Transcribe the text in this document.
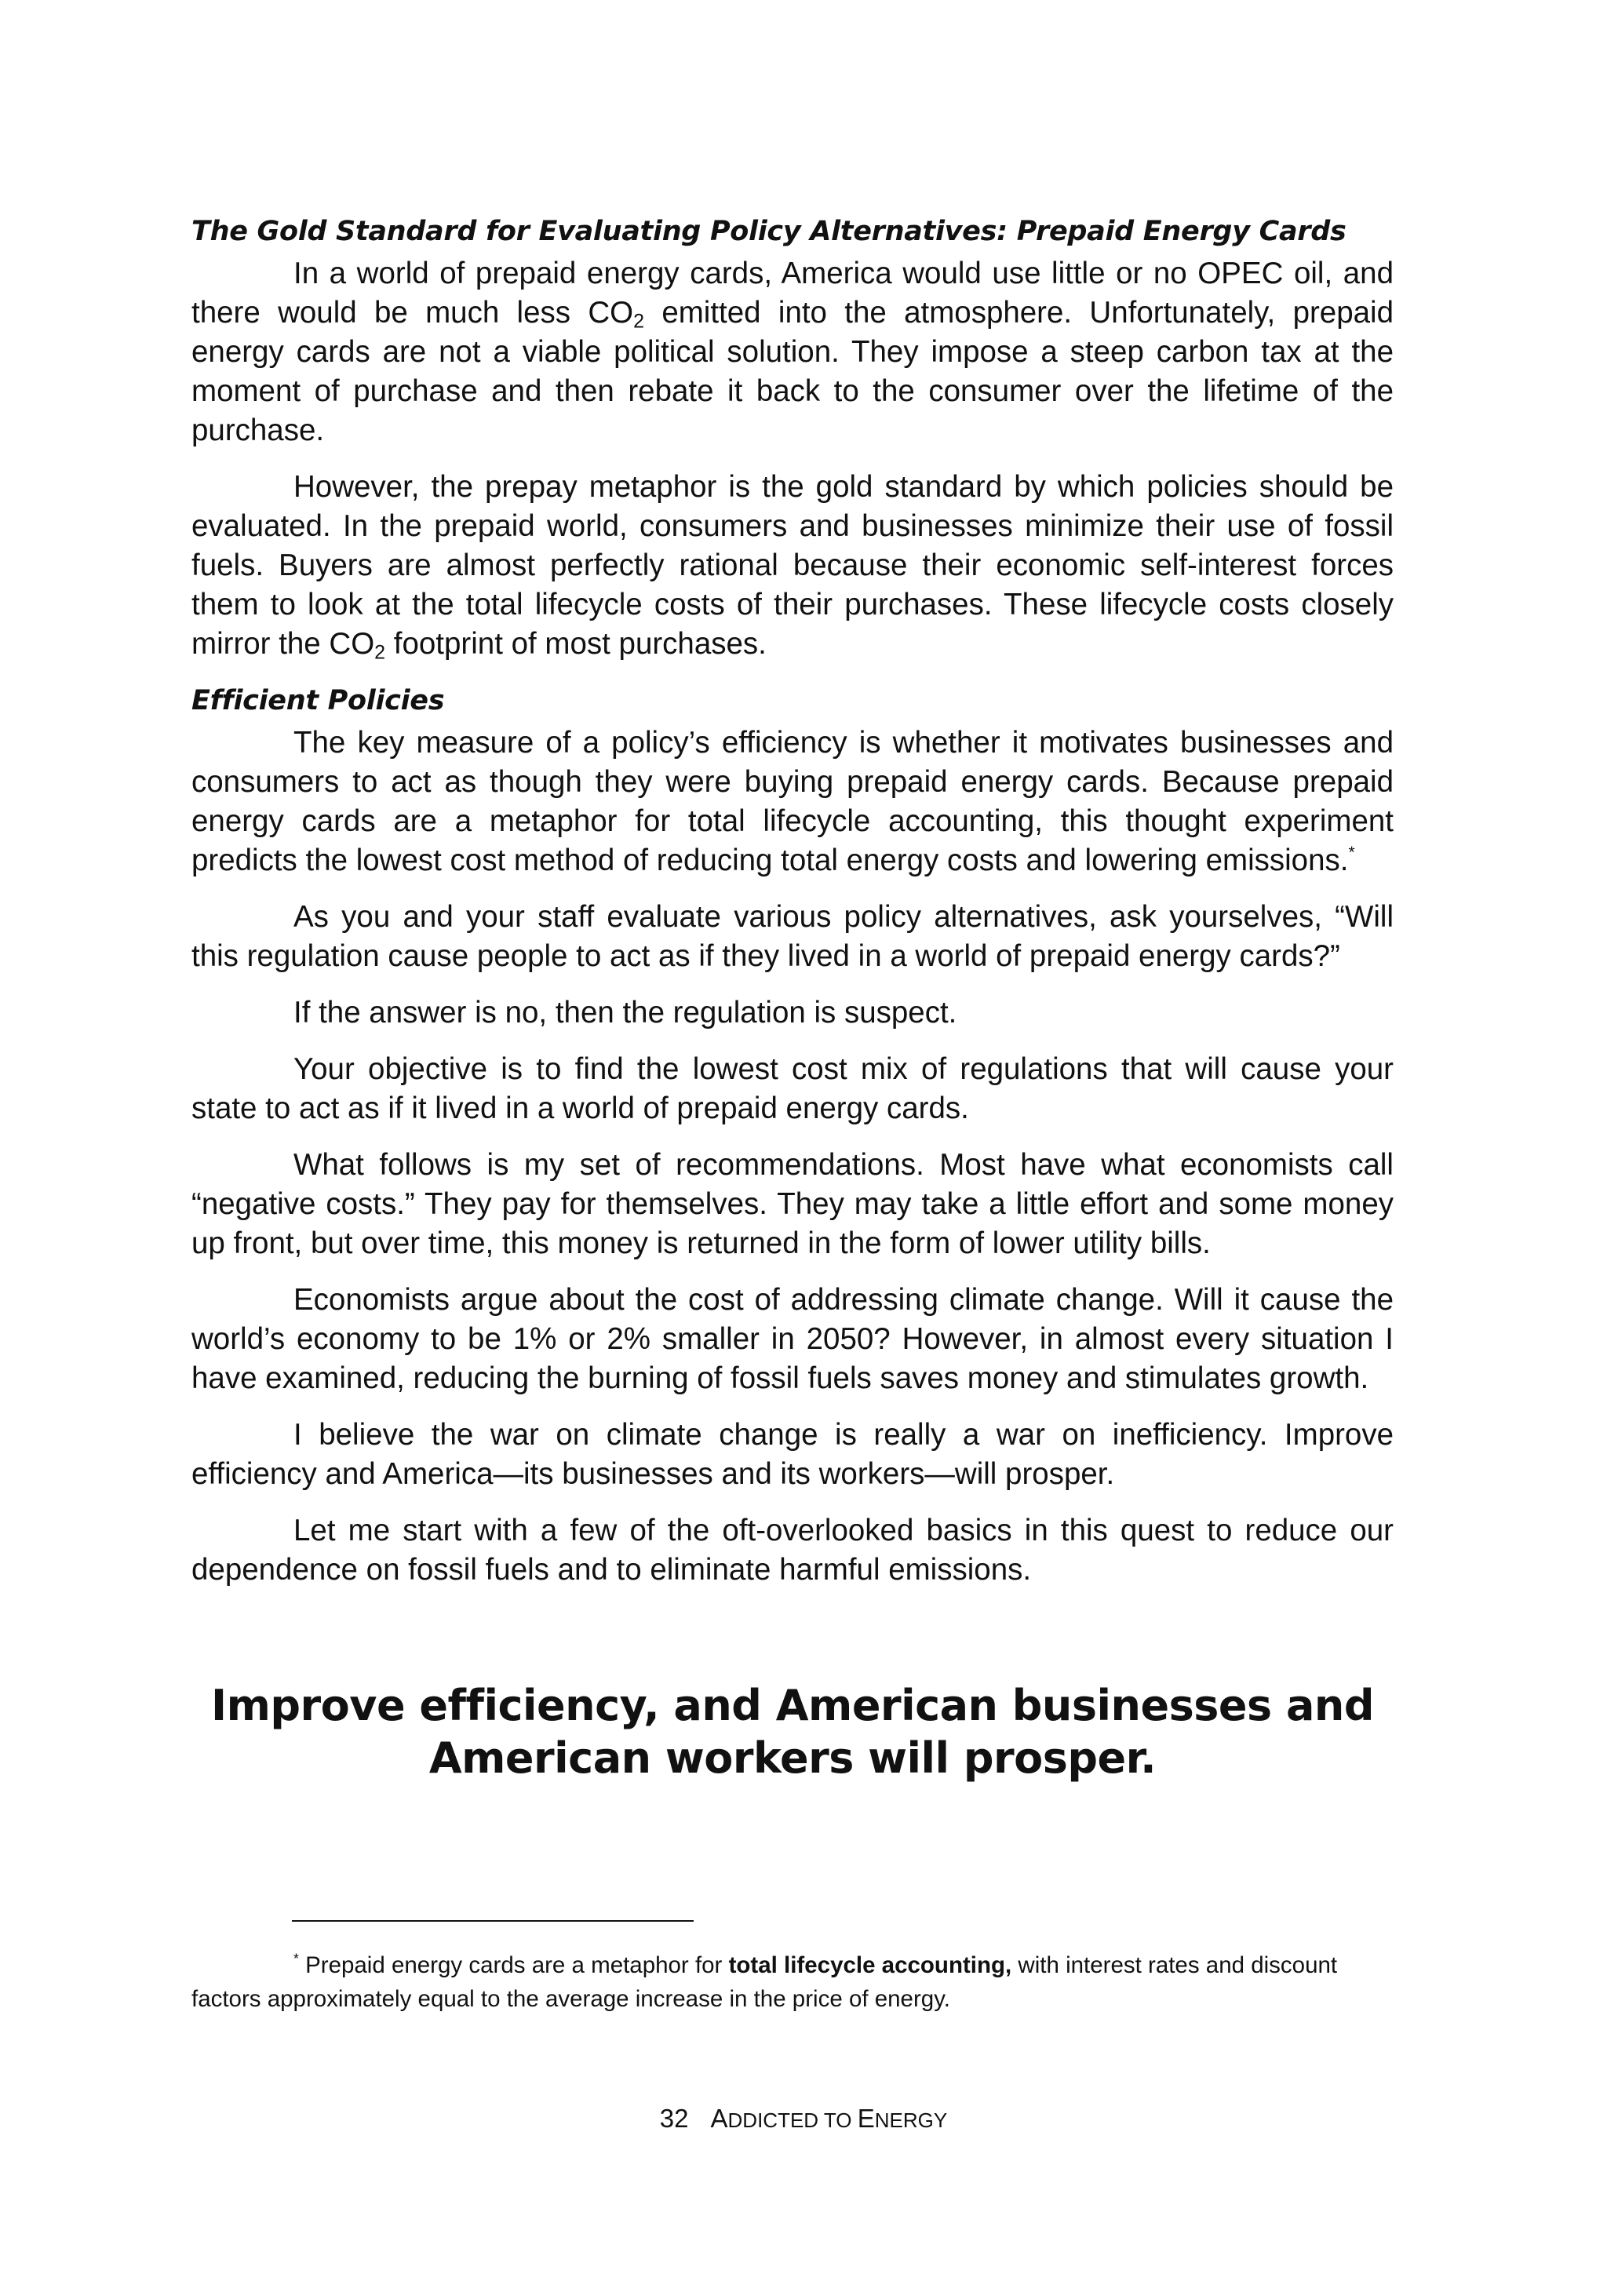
The Gold Standard for Evaluating Policy Alternatives: Prepaid Energy Cards

In a world of prepaid energy cards, America would use little or no OPEC oil, and there would be much less $CO_2$ emitted into the atmosphere. Unfortunately, prepaid energy cards are not a viable political solution. They impose a steep carbon tax at the moment of purchase and then rebate it back to the consumer over the lifetime of the purchase.

However, the prepay metaphor is the gold standard by which policies should be evaluated. In the prepaid world, consumers and businesses minimize their use of fossil fuels. Buyers are almost perfectly rational because their economic self-interest forces them to look at the total lifecycle costs of their purchases. These lifecycle costs closely mirror the $CO_2$ footprint of most purchases.

Efficient Policies

The key measure of a policy’s efficiency is whether it motivates businesses and consumers to act as though they were buying prepaid energy cards. Because prepaid energy cards are a metaphor for total lifecycle accounting, this thought experiment predicts the lowest cost method of reducing total energy costs and lowering emissions.*

As you and your staff evaluate various policy alternatives, ask yourselves, “Will this regulation cause people to act as if they lived in a world of prepaid energy cards?”

If the answer is no, then the regulation is suspect.

Your objective is to find the lowest cost mix of regulations that will cause your state to act as if it lived in a world of prepaid energy cards.

What follows is my set of recommendations. Most have what economists call “negative costs.” They pay for themselves. They may take a little effort and some money up front, but over time, this money is returned in the form of lower utility bills.

Economists argue about the cost of addressing climate change. Will it cause the world’s economy to be 1% or 2% smaller in 2050? However, in almost every situation I have examined, reducing the burning of fossil fuels saves money and stimulates growth.

I believe the war on climate change is really a war on inefficiency. Improve efficiency and America—its businesses and its workers—will prosper.

Let me start with a few of the oft-overlooked basics in this quest to reduce our dependence on fossil fuels and to eliminate harmful emissions.

Improve efficiency, and American businesses and
American workers will prosper.
* Prepaid energy cards are a metaphor for total lifecycle accounting, with interest rates and discount factors approximately equal to the average increase in the price of energy.
32 ADDICTED TO ENERGY
